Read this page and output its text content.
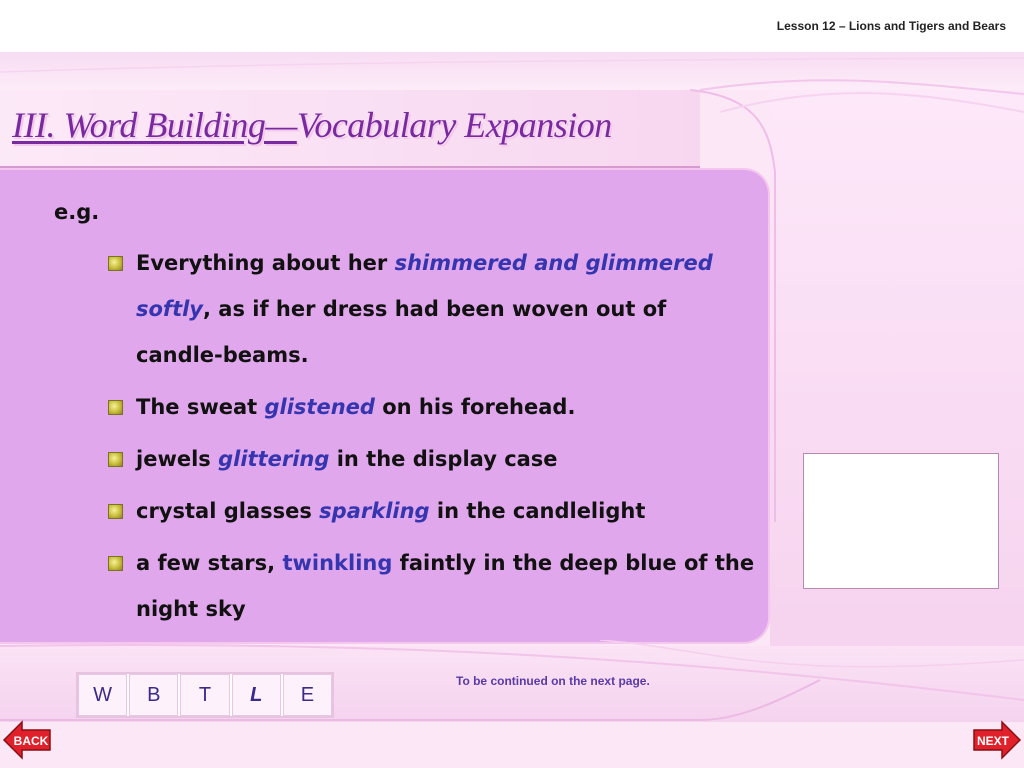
Lesson 12 – Lions and Tigers and Bears
III. Word Building—Vocabulary Expansion
e.g.
Everything about her shimmered and glimmered softly, as if her dress had been woven out of candle-beams.
The sweat glistened on his forehead.
jewels glittering in the display case
crystal glasses sparkling in the candlelight
a few stars, twinkling faintly in the deep blue of the night sky
W	B	T	L	E
To be continued on the next page.
BACK	NEXT
